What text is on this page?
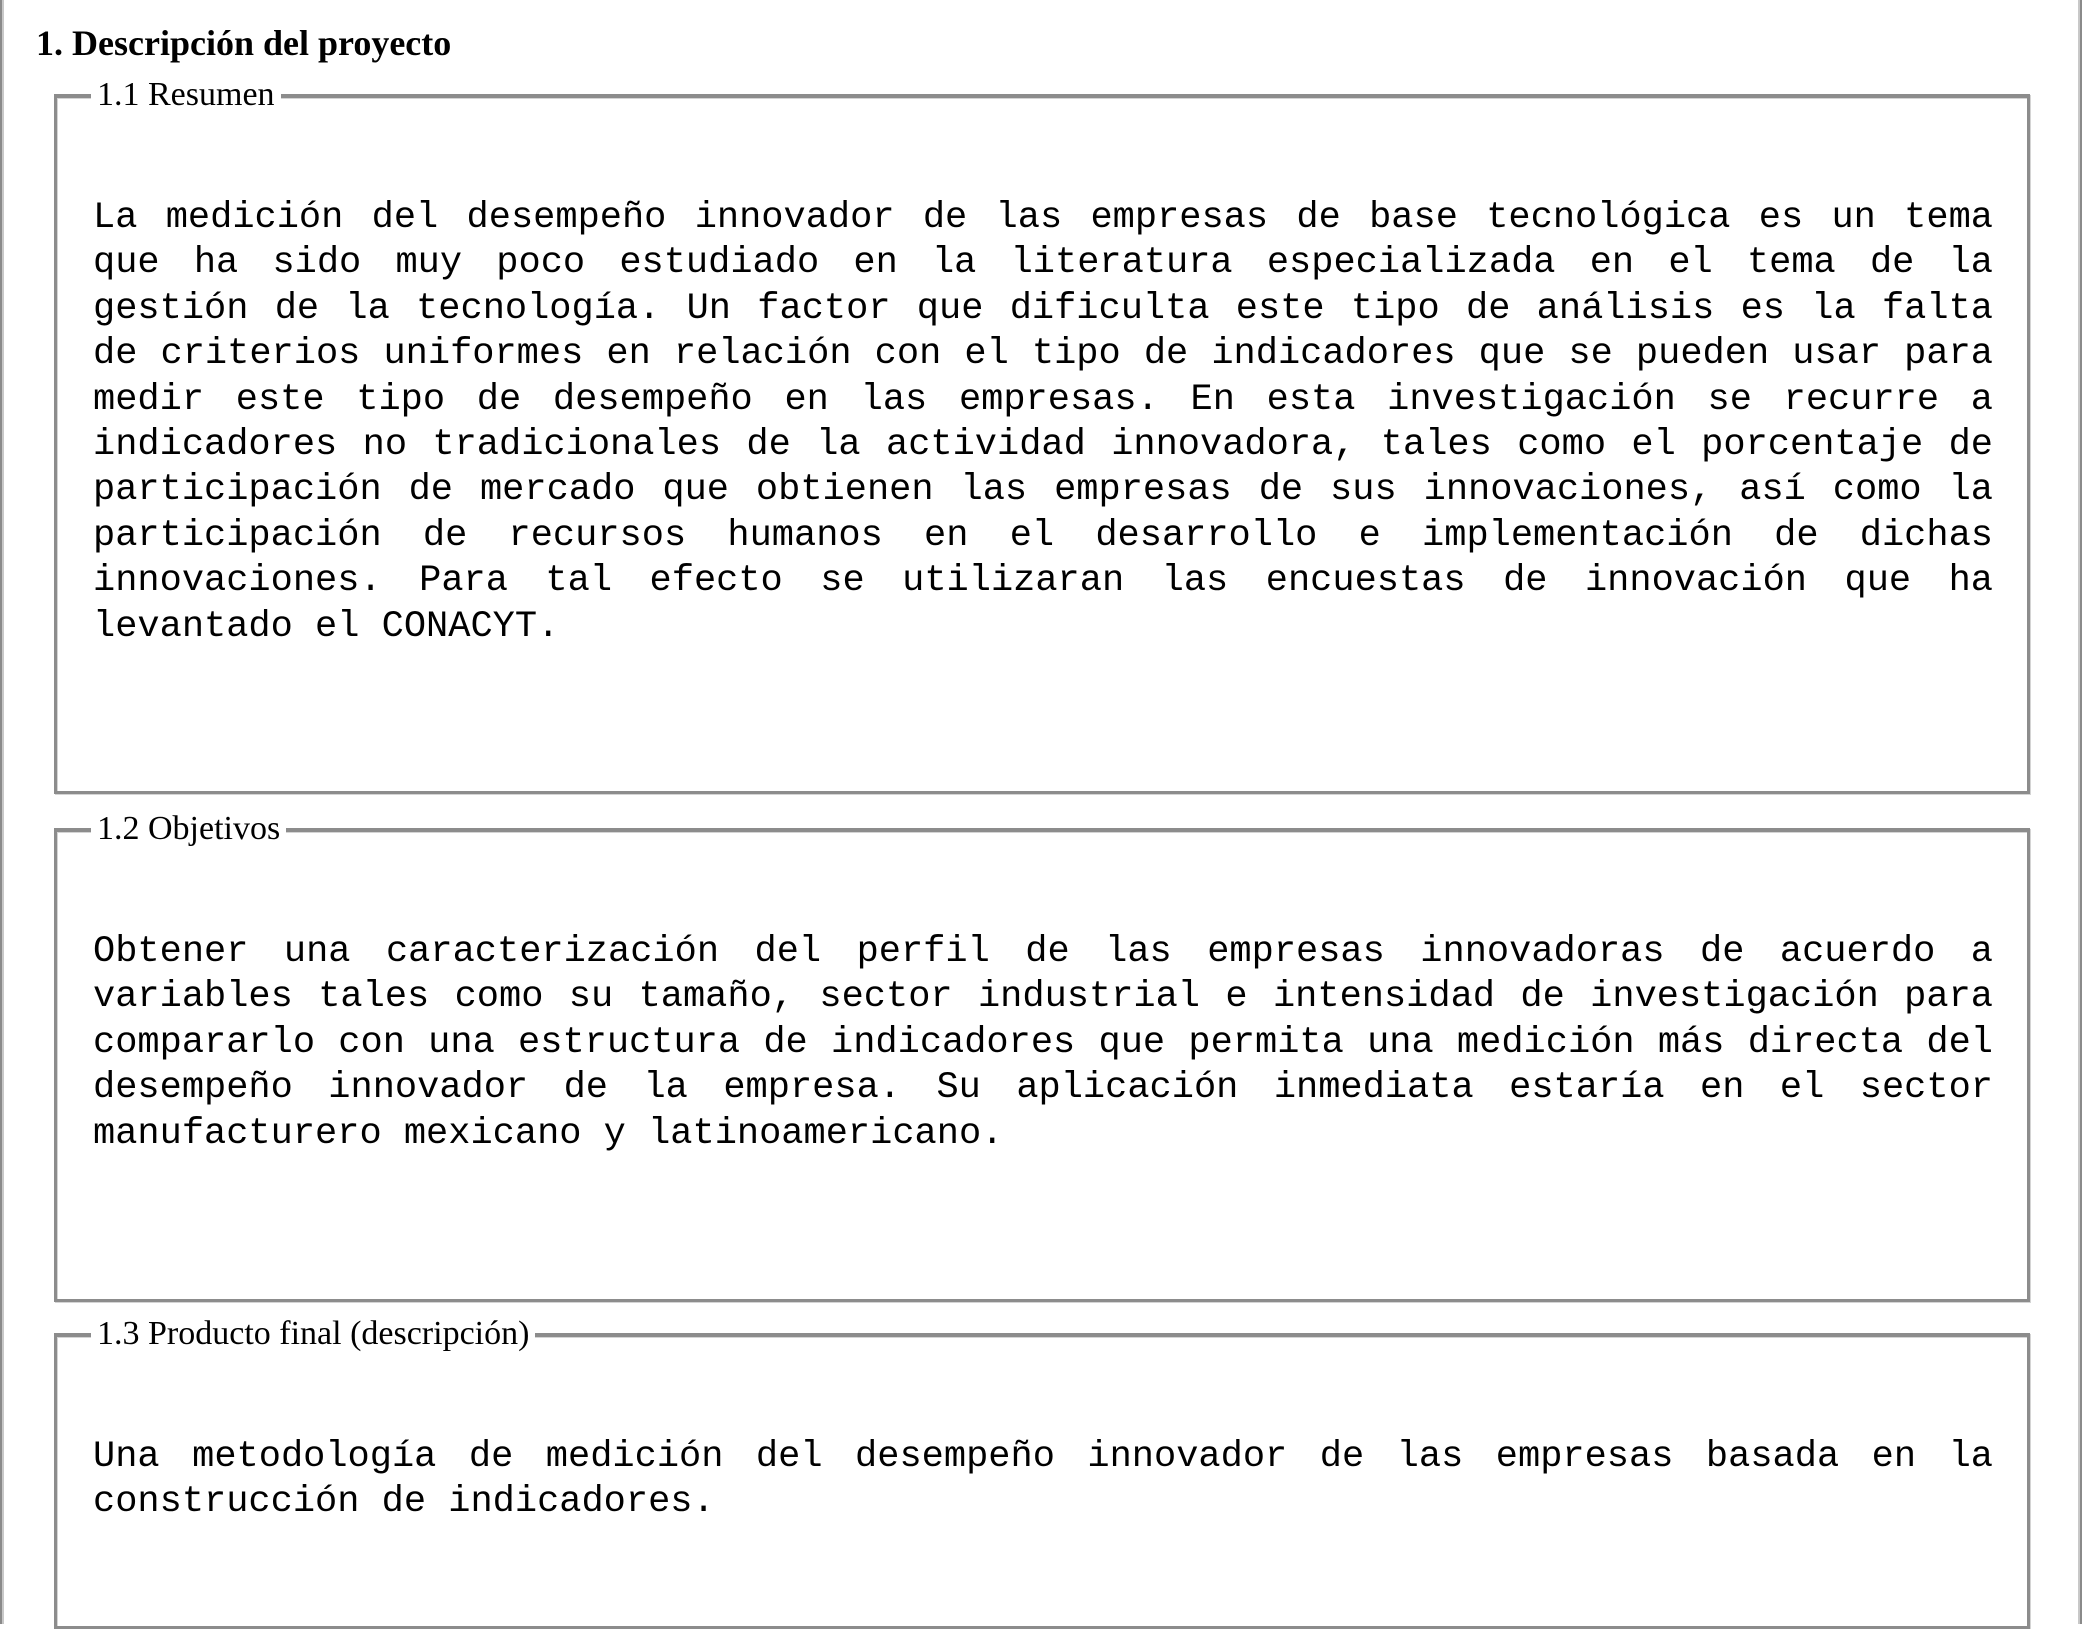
1. Descripción del proyecto
1.1 Resumen

La medición del desempeño innovador de las empresas de base tecnológica es un tema que ha sido muy poco estudiado en la literatura especializada en el tema de la gestión de la tecnología. Un factor que dificulta este tipo de análisis es la falta de criterios uniformes en relación con el tipo de indicadores que se pueden usar para medir este tipo de desempeño en las empresas. En esta investigación se recurre a indicadores no tradicionales de la actividad innovadora, tales como el porcentaje de participación de mercado que obtienen las empresas de sus innovaciones, así como la participación de recursos humanos en el desarrollo e implementación de dichas innovaciones. Para tal efecto se utilizaran las encuestas de innovación que ha levantado el CONACYT.

1.2 Objetivos

Obtener una caracterización del perfil de las empresas innovadoras de acuerdo a variables tales como su tamaño, sector industrial e intensidad de investigación para compararlo con una estructura de indicadores que permita una medición más directa del desempeño innovador de la empresa. Su aplicación inmediata estaría en el sector manufacturero mexicano y latinoamericano.

1.3 Producto final (descripción)

Una metodología de medición del desempeño innovador de las empresas basada en la construcción de indicadores.
